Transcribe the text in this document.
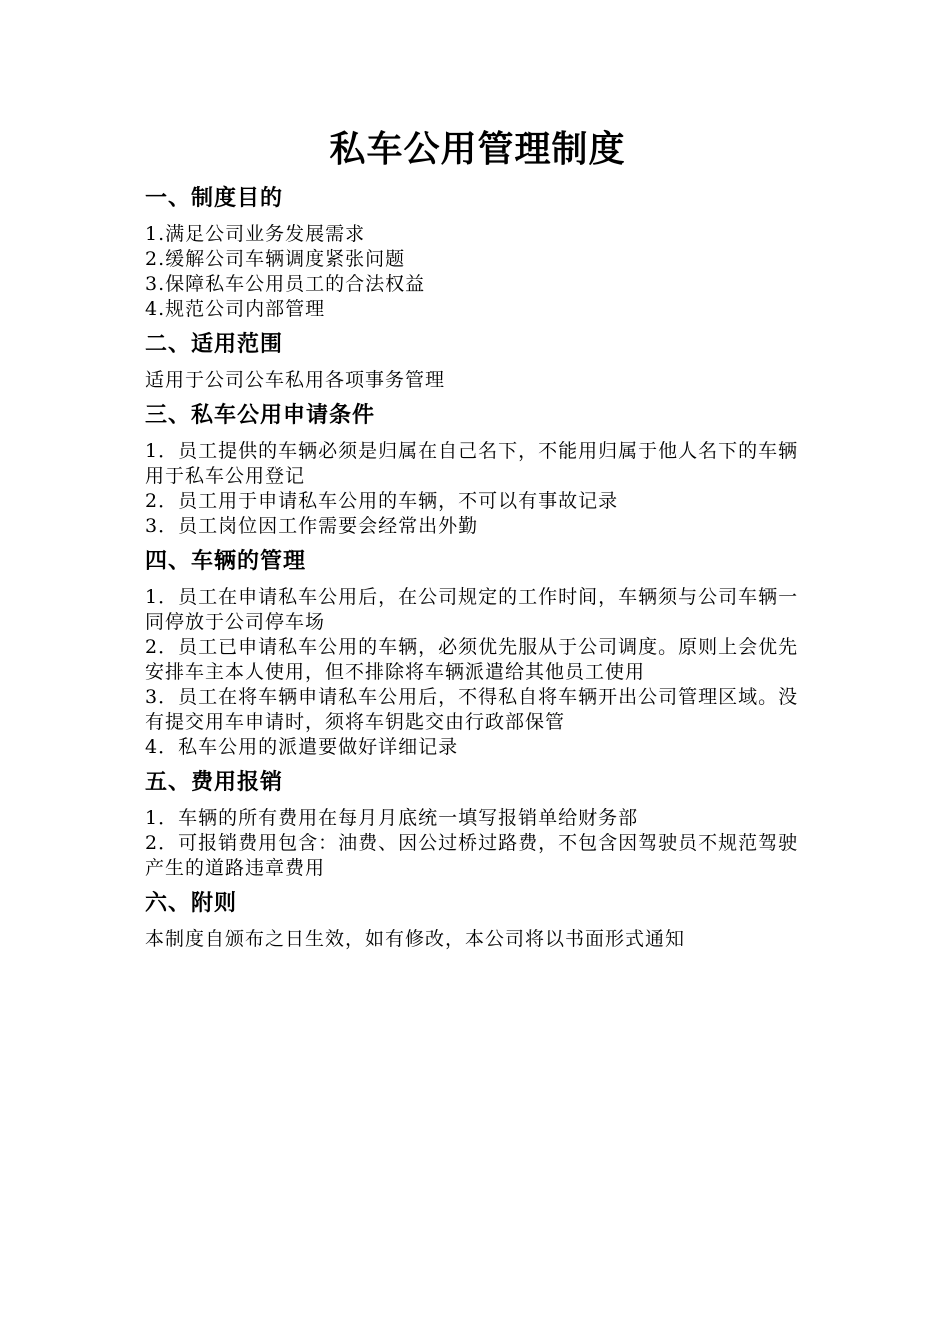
私车公用管理制度
一、制度目的

1.满足公司业务发展需求

2.缓解公司车辆调度紧张问题

3.保障私车公用员工的合法权益

4.规范公司内部管理

二、适用范围

适用于公司公车私用各项事务管理

三、私车公用申请条件

1．员工提供的车辆必须是归属在自己名下，不能用归属于他人名下的车辆用于私车公用登记

2．员工用于申请私车公用的车辆，不可以有事故记录

3．员工岗位因工作需要会经常出外勤

四、车辆的管理

1．员工在申请私车公用后，在公司规定的工作时间，车辆须与公司车辆一同停放于公司停车场

2．员工已申请私车公用的车辆，必须优先服从于公司调度。原则上会优先安排车主本人使用，但不排除将车辆派遣给其他员工使用

3．员工在将车辆申请私车公用后，不得私自将车辆开出公司管理区域。没有提交用车申请时，须将车钥匙交由行政部保管

4．私车公用的派遣要做好详细记录

五、费用报销

1．车辆的所有费用在每月月底统一填写报销单给财务部

2．可报销费用包含：油费、因公过桥过路费，不包含因驾驶员不规范驾驶产生的道路违章费用

六、附则

本制度自颁布之日生效，如有修改，本公司将以书面形式通知
